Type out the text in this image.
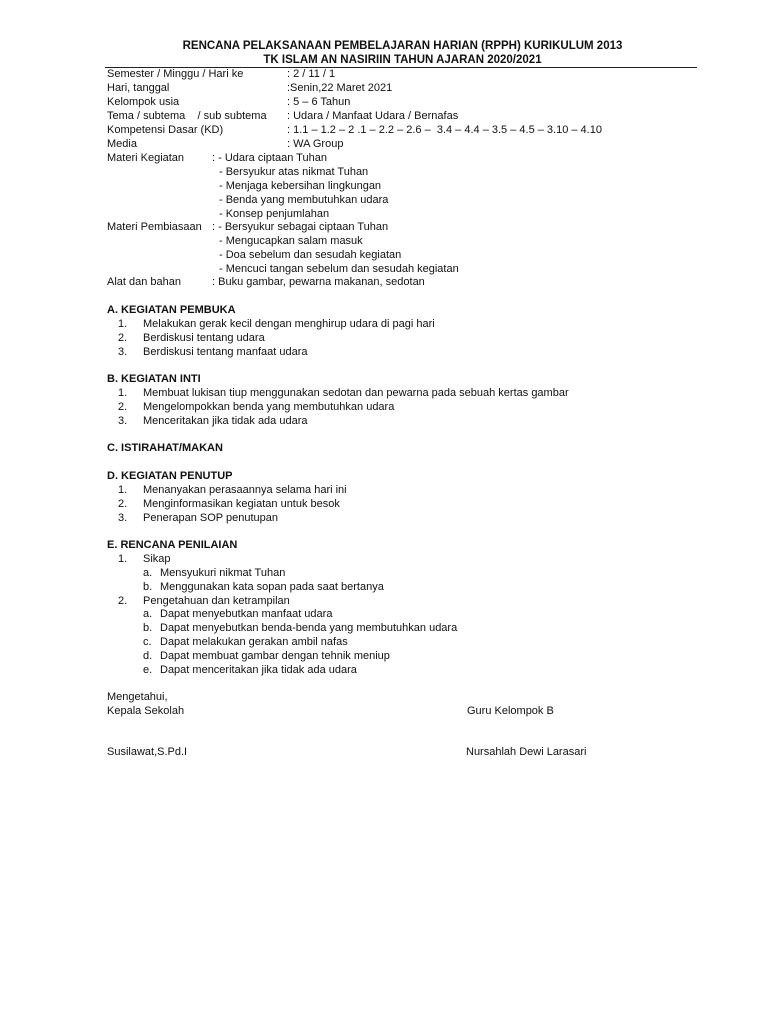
RENCANA PELAKSANAAN PEMBELAJARAN HARIAN (RPPH) KURIKULUM 2013
TK ISLAM AN NASIRIIN TAHUN AJARAN 2020/2021
Semester / Minggu / Hari ke	: 2 / 11 / 1
Hari, tanggal	:Senin,22 Maret 2021
Kelompok usia	: 5 – 6 Tahun
Tema / subtema    / sub subtema : Udara / Manfaat Udara / Bernafas
Kompetensi Dasar (KD)	: 1.1 – 1.2 – 2 .1 – 2.2 – 2.6 –  3.4 – 4.4 – 3.5 – 4.5 – 3.10 – 4.10
Media	: WA Group
Materi Kegiatan	: - Udara ciptaan Tuhan
- Bersyukur atas nikmat Tuhan
- Menjaga kebersihan lingkungan
- Benda yang membutuhkan udara
- Konsep penjumlahan
Materi Pembiasaan : - Bersyukur sebagai ciptaan Tuhan
- Mengucapkan salam masuk
- Doa sebelum dan sesudah kegiatan
- Mencuci tangan sebelum dan sesudah kegiatan
Alat dan bahan	: Buku gambar, pewarna makanan, sedotan
A. KEGIATAN PEMBUKA
1. Melakukan gerak kecil dengan menghirup udara di pagi hari
2. Berdiskusi tentang udara
3. Berdiskusi tentang manfaat udara
B. KEGIATAN INTI
1. Membuat lukisan tiup menggunakan sedotan dan pewarna pada sebuah kertas gambar
2. Mengelompokkan benda yang membutuhkan udara
3. Menceritakan jika tidak ada udara
C. ISTIRAHAT/MAKAN
D. KEGIATAN PENUTUP
1. Menanyakan perasaannya selama hari ini
2. Menginformasikan kegiatan untuk besok
3. Penerapan SOP penutupan
E. RENCANA PENILAIAN
1. Sikap
a. Mensyukuri nikmat Tuhan
b. Menggunakan kata sopan pada saat bertanya
2. Pengetahuan dan ketrampilan
a. Dapat menyebutkan manfaat udara
b. Dapat menyebutkan benda-benda yang membutuhkan udara
c. Dapat melakukan gerakan ambil nafas
d. Dapat membuat gambar dengan tehnik meniup
e. Dapat menceritakan jika tidak ada udara
Mengetahui,
Kepala Sekolah	Guru Kelompok B
Susilawat,S.Pd.I	Nursahlah Dewi Larasari
